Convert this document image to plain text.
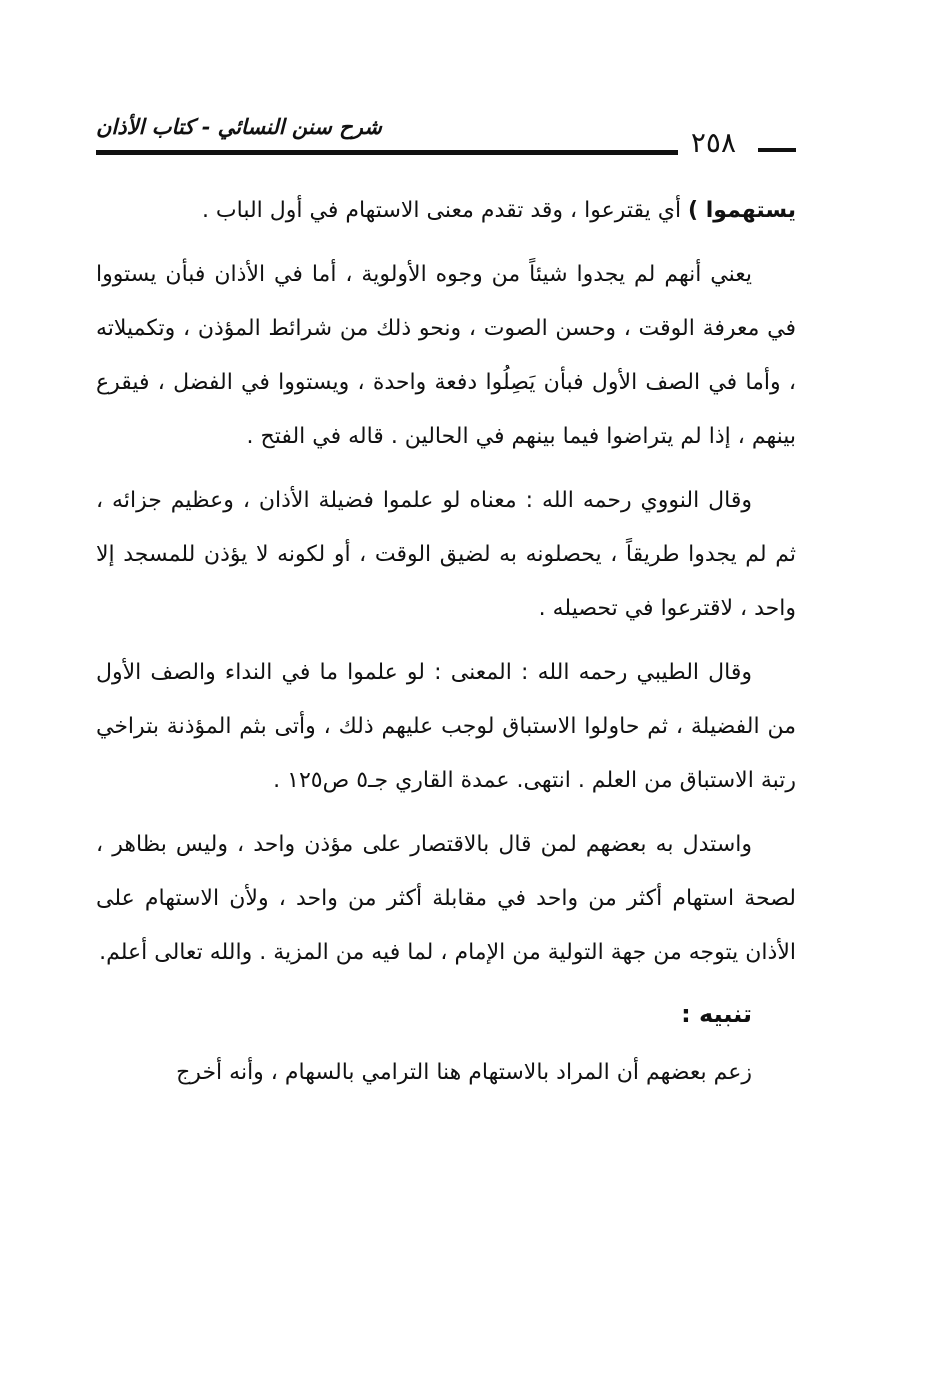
شرح سنن النسائي - كتاب الأذان	٢٥٨

يستهموا ) أي يقترعوا ، وقد تقدم معنى الاستهام في أول الباب .

يعني أنهم لم يجدوا شيئاً من وجوه الأولوية ، أما في الأذان فبأن يستووا في معرفة الوقت ، وحسن الصوت ، ونحو ذلك من شرائط المؤذن ، وتكميلاته ، وأما في الصف الأول فبأن يَصِلُوا دفعة واحدة ، ويستووا في الفضل ، فيقرع بينهم ، إذا لم يتراضوا فيما بينهم في الحالين . قاله في الفتح .

وقال النووي رحمه الله : معناه لو علموا فضيلة الأذان ، وعظيم جزائه ، ثم لم يجدوا طريقاً ، يحصلونه به لضيق الوقت ، أو لكونه لا يؤذن للمسجد إلا واحد ، لاقترعوا في تحصيله .

وقال الطيبي رحمه الله : المعنى : لو علموا ما في النداء والصف الأول من الفضيلة ، ثم حاولوا الاستباق لوجب عليهم ذلك ، وأتى بثم المؤذنة بتراخي رتبة الاستباق من العلم . انتهى. عمدة القاري جـ٥ ص١٢٥ .

واستدل به بعضهم لمن قال بالاقتصار على مؤذن واحد ، وليس بظاهر ، لصحة استهام أكثر من واحد في مقابلة أكثر من واحد ، ولأن الاستهام على الأذان يتوجه من جهة التولية من الإمام ، لما فيه من المزية . والله تعالى أعلم.

تنبيه :

زعم بعضهم أن المراد بالاستهام هنا الترامي بالسهام ، وأنه أخرج
